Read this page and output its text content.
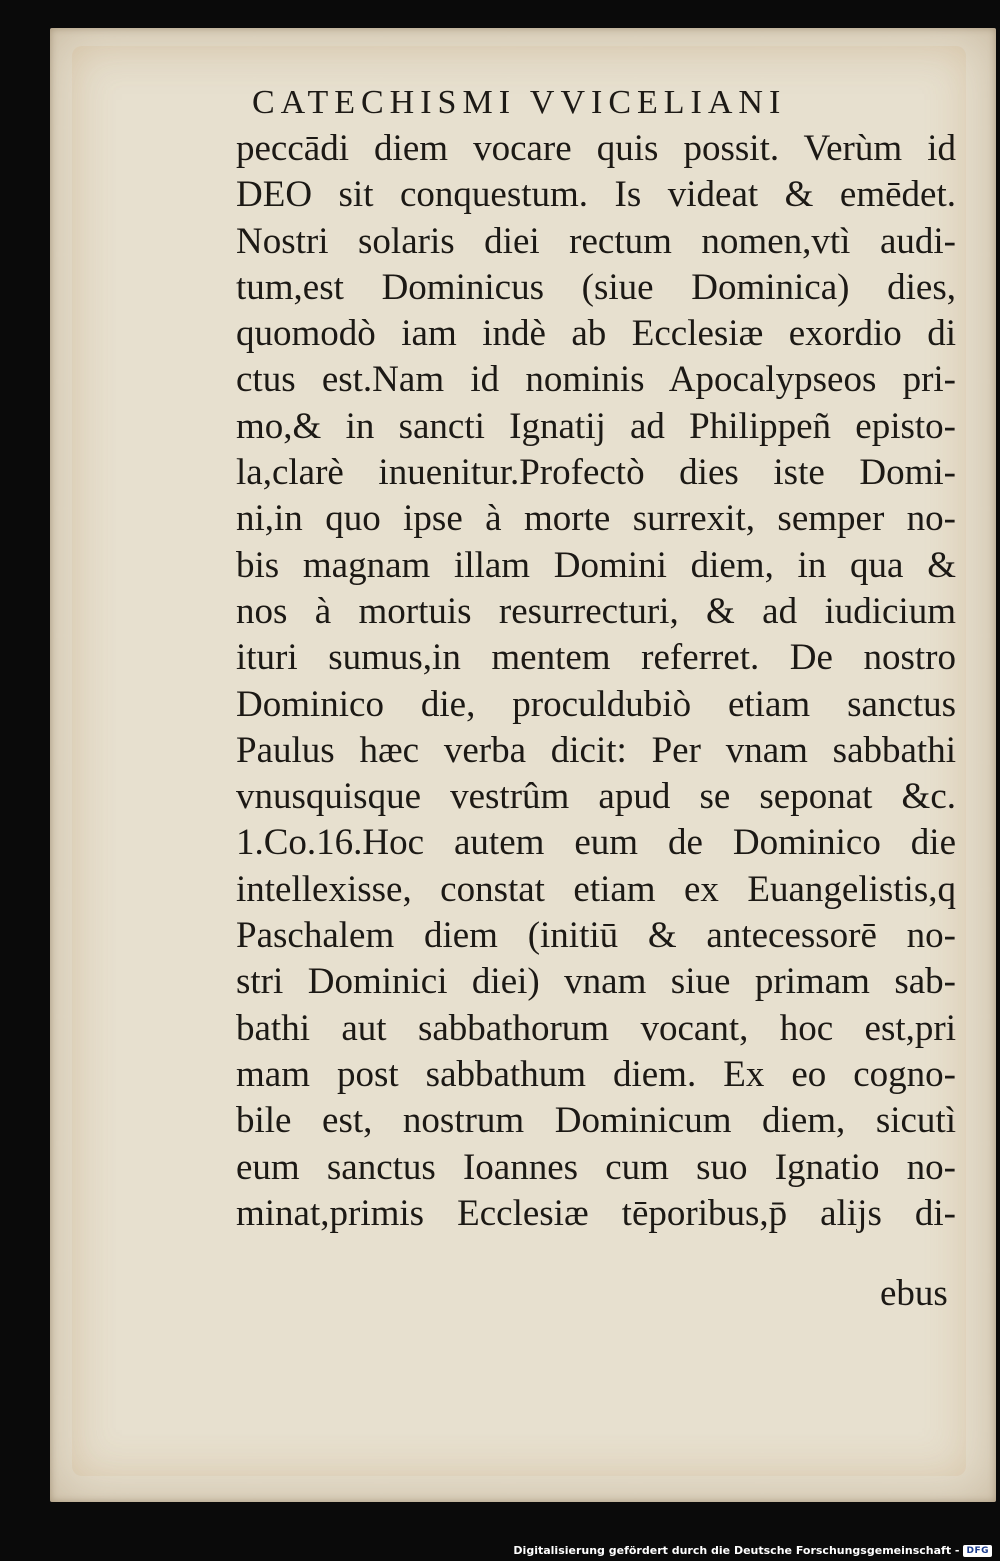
CATECHISMI VVICELIANI
peccādi diem vocare quis possit. Verùm id
DEO sit conquestum. Is videat & emēdet.
Nostri solaris diei rectum nomen,vtì audi-
tum,est Dominicus (siue Dominica) dies,
quomodò iam indè ab Ecclesiæ exordio di
ctus est.Nam id nominis Apocalypseos pri-
mo,& in sancti Ignatij ad Philippeñ episto-
la,clarè inuenitur.Profectò dies iste Domi-
ni,in quo ipse à morte surrexit, semper no-
bis magnam illam Domini diem, in qua &
nos à mortuis resurrecturi, & ad iudicium
ituri sumus,in mentem referret. De nostro
Dominico die, proculdubiò etiam sanctus
Paulus hæc verba dicit: Per vnam sabbathi
vnusquisque vestrûm apud se seponat &c.
1.Co.16.Hoc autem eum de Dominico die
intellexisse, constat etiam ex Euangelistis,q
Paschalem diem (initiū & antecessorē no-
stri Dominici diei) vnam siue primam sab-
bathi aut sabbathorum vocant, hoc est,pri
mam post sabbathum diem. Ex eo cogno-
bile est, nostrum Dominicum diem, sicutì
eum sanctus Ioannes cum suo Ignatio no-
minat,primis Ecclesiæ tēporibus,p̄ alijs di-
ebus
Digitalisierung gefördert durch die Deutsche Forschungsgemeinschaft - DFG
